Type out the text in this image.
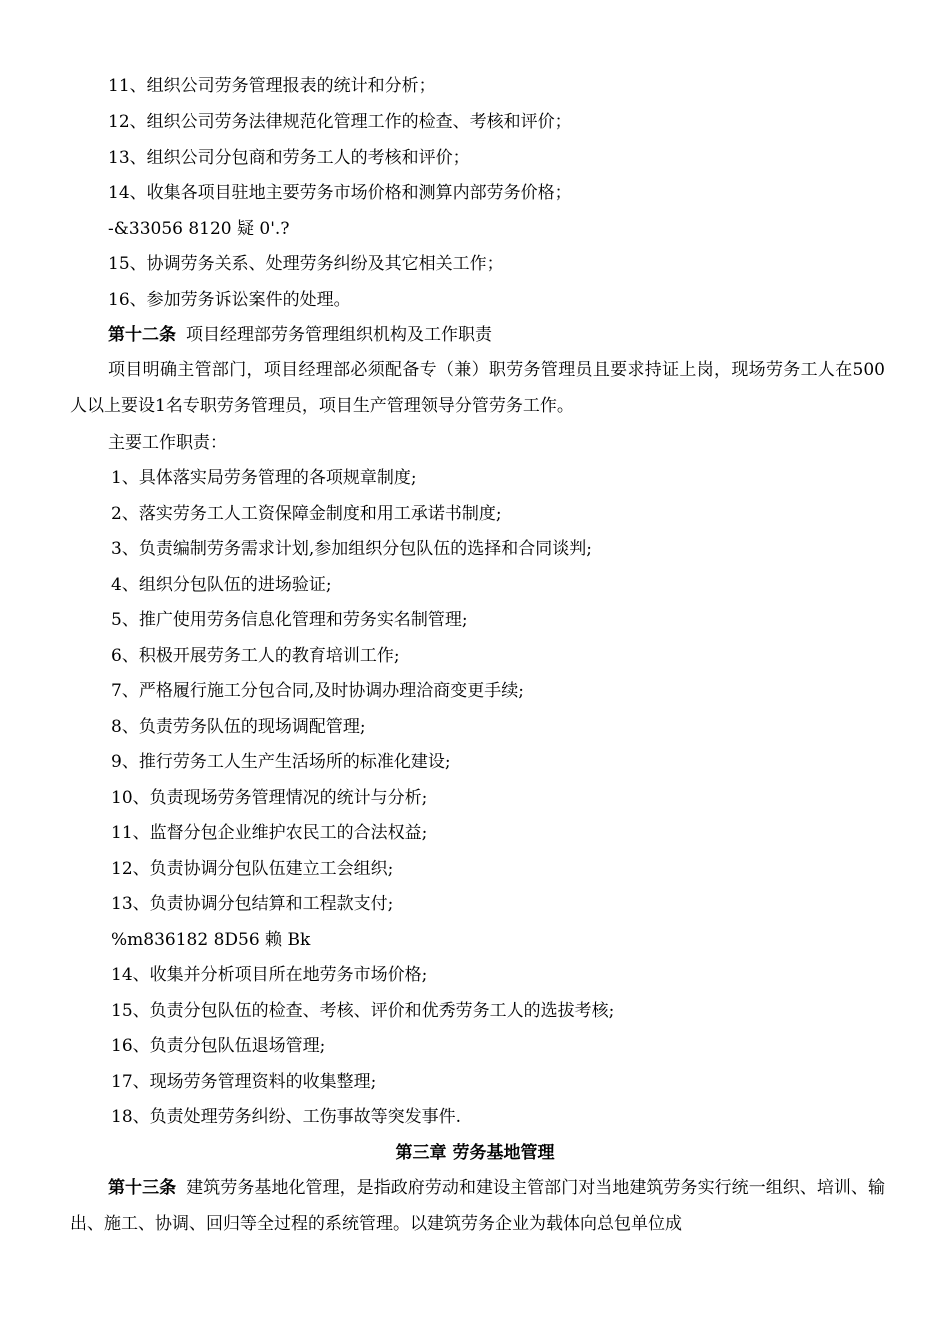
11、组织公司劳务管理报表的统计和分析；
12、组织公司劳务法律规范化管理工作的检查、考核和评价；
13、组织公司分包商和劳务工人的考核和评价；
14、收集各项目驻地主要劳务市场价格和测算内部劳务价格；
-&33056 8120 疑 0'.?
15、协调劳务关系、处理劳务纠纷及其它相关工作；
16、参加劳务诉讼案件的处理。
第十二条 项目经理部劳务管理组织机构及工作职责
项目明确主管部门，项目经理部必须配备专（兼）职劳务管理员且要求持证上岗，现场劳务工人在500人以上要设1名专职劳务管理员，项目生产管理领导分管劳务工作。
主要工作职责：
1、具体落实局劳务管理的各项规章制度;
2、落实劳务工人工资保障金制度和用工承诺书制度;
3、负责编制劳务需求计划,参加组织分包队伍的选择和合同谈判;
4、组织分包队伍的进场验证;
5、推广使用劳务信息化管理和劳务实名制管理;
6、积极开展劳务工人的教育培训工作;
7、严格履行施工分包合同,及时协调办理洽商变更手续;
8、负责劳务队伍的现场调配管理;
9、推行劳务工人生产生活场所的标准化建设;
10、负责现场劳务管理情况的统计与分析;
11、监督分包企业维护农民工的合法权益;
12、负责协调分包队伍建立工会组织;
13、负责协调分包结算和工程款支付;
%m836182 8D56 赖 Bk
14、收集并分析项目所在地劳务市场价格;
15、负责分包队伍的检查、考核、评价和优秀劳务工人的选拔考核;
16、负责分包队伍退场管理;
17、现场劳务管理资料的收集整理;
18、负责处理劳务纠纷、工伤事故等突发事件.
第三章 劳务基地管理
第十三条 建筑劳务基地化管理，是指政府劳动和建设主管部门对当地建筑劳务实行统一组织、培训、输出、施工、协调、回归等全过程的系统管理。以建筑劳务企业为载体向总包单位成
